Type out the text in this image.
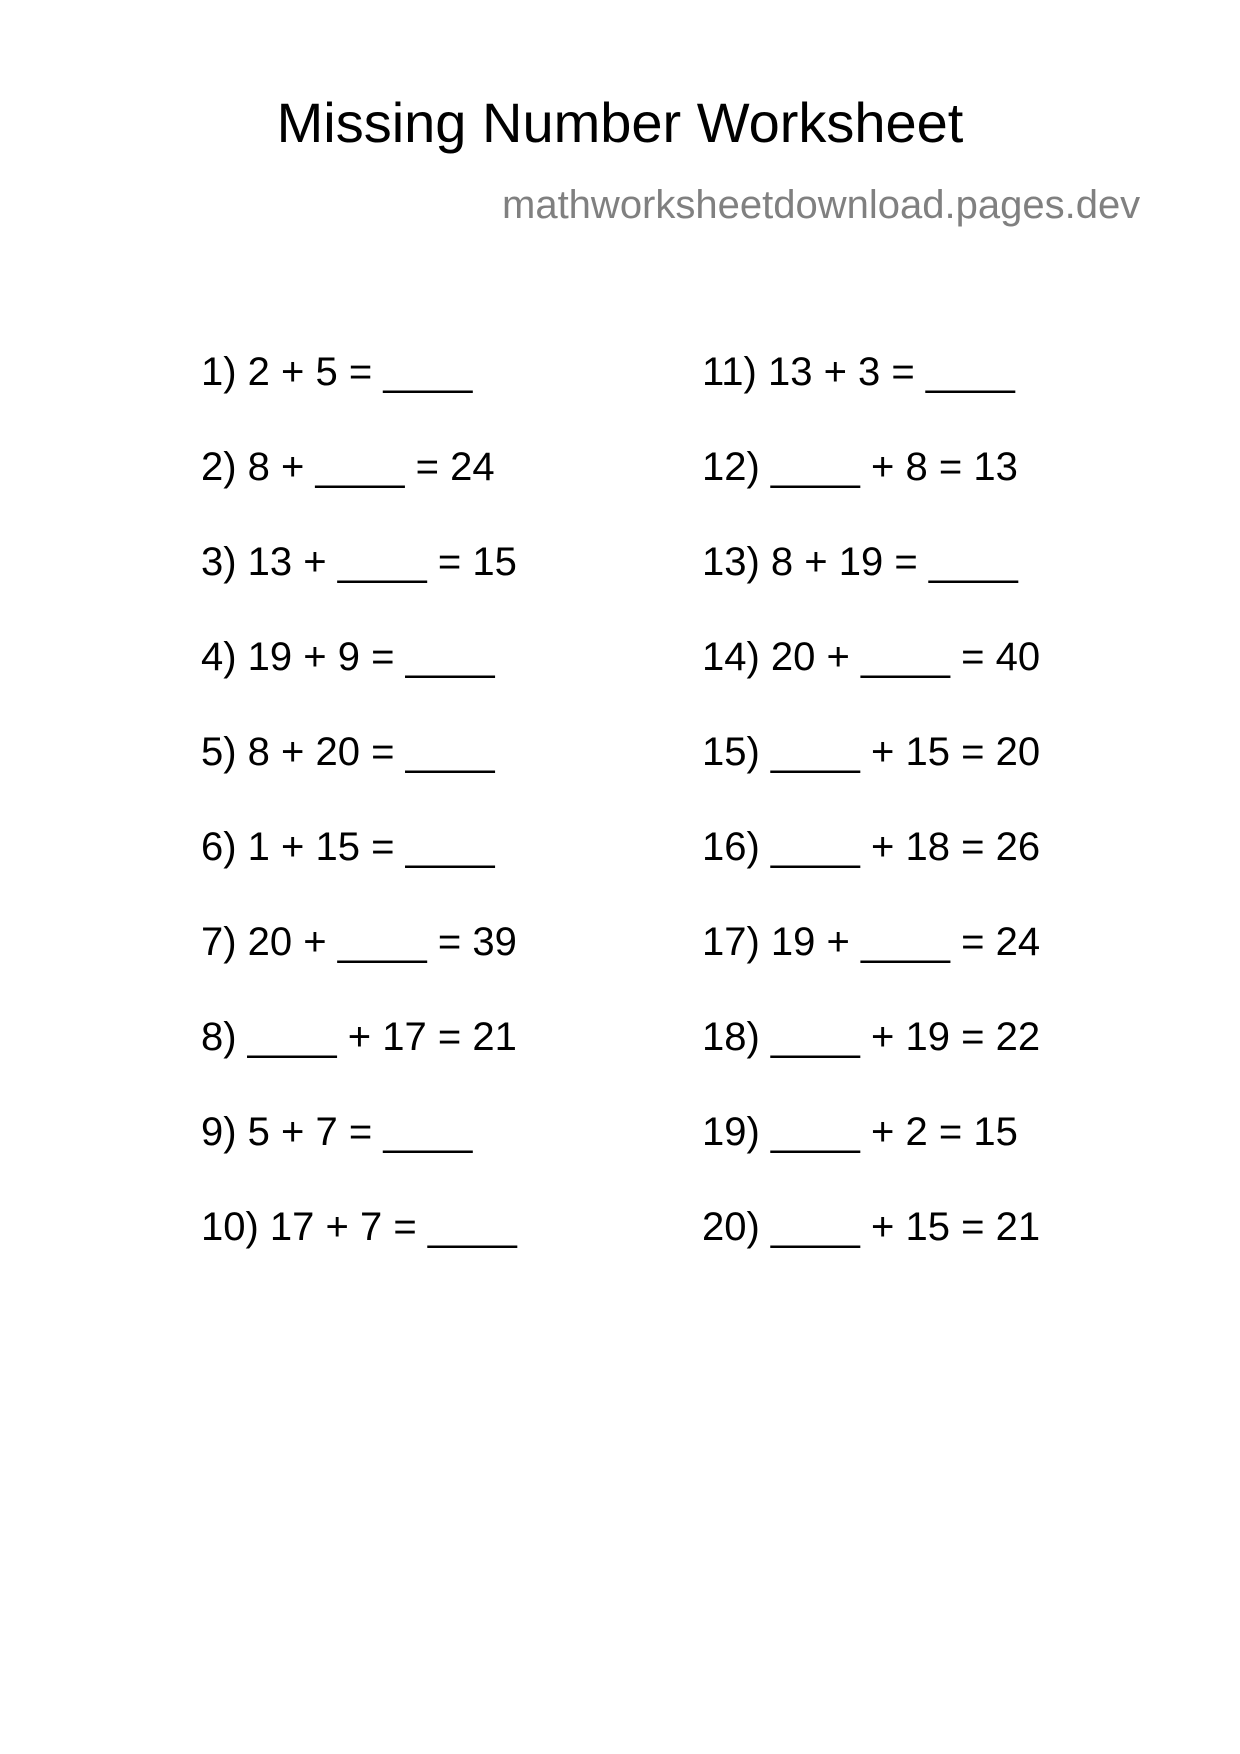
Missing Number Worksheet
mathworksheetdownload.pages.dev
1) 2 + 5 = ____
2) 8 + ____ = 24
3) 13 + ____ = 15
4) 19 + 9 = ____
5) 8 + 20 = ____
6) 1 + 15 = ____
7) 20 + ____ = 39
8) ____ + 17 = 21
9) 5 + 7 = ____
10) 17 + 7 = ____
11) 13 + 3 = ____
12) ____ + 8 = 13
13) 8 + 19 = ____
14) 20 + ____ = 40
15) ____ + 15 = 20
16) ____ + 18 = 26
17) 19 + ____ = 24
18) ____ + 19 = 22
19) ____ + 2 = 15
20) ____ + 15 = 21
